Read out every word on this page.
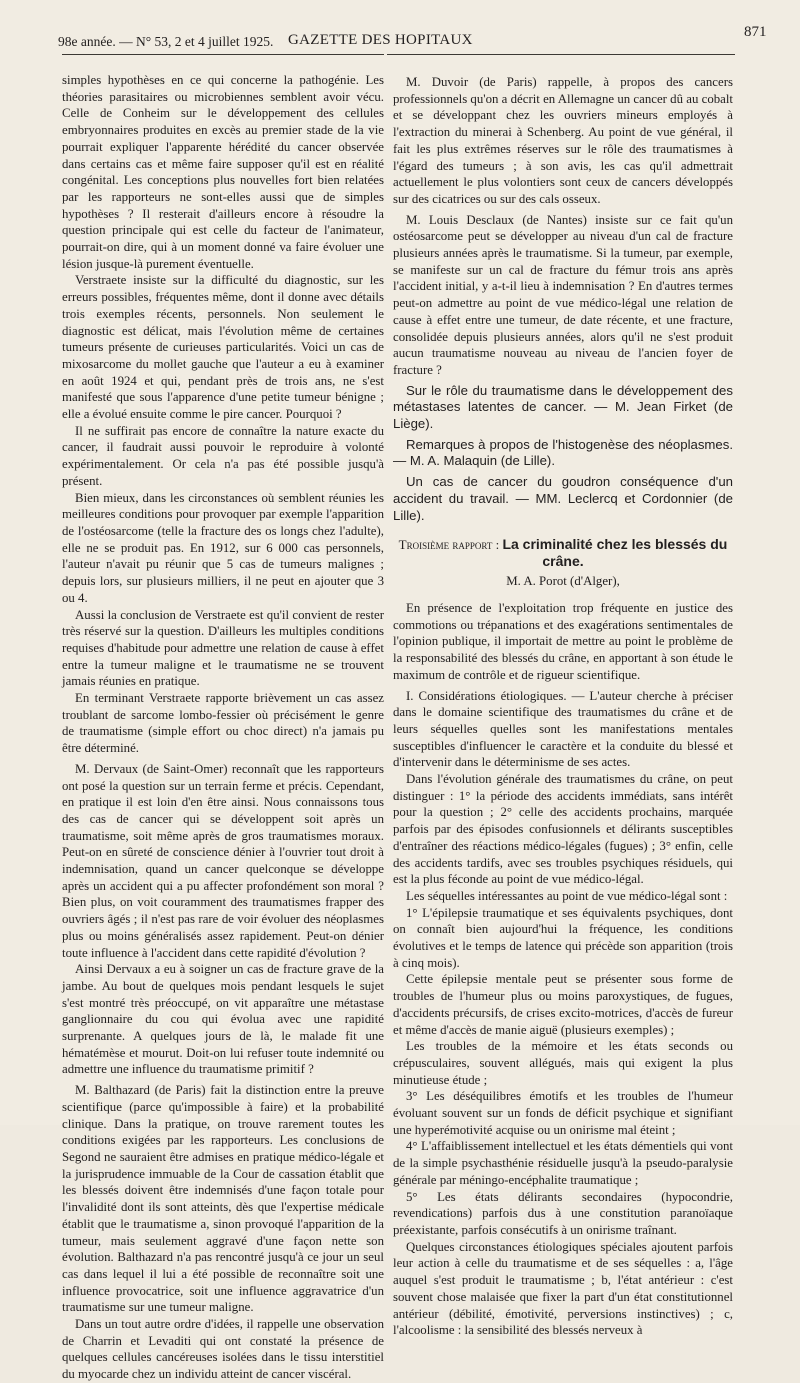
98e année. — N° 53, 2 et 4 juillet 1925. GAZETTE DES HOPITAUX	871

simples hypothèses en ce qui concerne la pathogénie. Les théories parasitaires ou microbiennes semblent avoir vécu. Celle de Conheim sur le développement des cellules embryonnaires produites en excès au premier stade de la vie pourrait expliquer l'apparente hérédité du cancer observée dans certains cas et même faire supposer qu'il est en réalité congénital. Les conceptions plus nouvelles fort bien relatées par les rapporteurs ne sont-elles aussi que de simples hypothèses ? Il resterait d'ailleurs encore à résoudre la question principale qui est celle du facteur de l'animateur, pourrait-on dire, qui à un moment donné va faire évoluer une lésion jusque-là purement éventuelle.

Verstraete insiste sur la difficulté du diagnostic, sur les erreurs possibles, fréquentes même, dont il donne avec détails trois exemples récents, personnels. Non seulement le diagnostic est délicat, mais l'évolution même de certaines tumeurs présente de curieuses particularités. Voici un cas de mixosarcome du mollet gauche que l'auteur a eu à examiner en août 1924 et qui, pendant près de trois ans, ne s'est manifesté que sous l'apparence d'une petite tumeur bénigne ; elle a évolué ensuite comme le pire cancer. Pourquoi ?

Il ne suffirait pas encore de connaître la nature exacte du cancer, il faudrait aussi pouvoir le reproduire à volonté expérimentalement. Or cela n'a pas été possible jusqu'à présent.

Bien mieux, dans les circonstances où semblent réunies les meilleures conditions pour provoquer par exemple l'apparition de l'ostéosarcome (telle la fracture des os longs chez l'adulte), elle ne se produit pas. En 1912, sur 6 000 cas personnels, l'auteur n'avait pu réunir que 5 cas de tumeurs malignes ; depuis lors, sur plusieurs milliers, il ne peut en ajouter que 3 ou 4.

Aussi la conclusion de Verstraete est qu'il convient de rester très réservé sur la question. D'ailleurs les multiples conditions requises d'habitude pour admettre une relation de cause à effet entre la tumeur maligne et le traumatisme ne se trouvent jamais réunies en pratique.

En terminant Verstraete rapporte brièvement un cas assez troublant de sarcome lombo-fessier où précisément le genre de traumatisme (simple effort ou choc direct) n'a jamais pu être déterminé.

M. Dervaux (de Saint-Omer) reconnaît que les rapporteurs ont posé la question sur un terrain ferme et précis. Cependant, en pratique il est loin d'en être ainsi. Nous connaissons tous des cas de cancer qui se développent soit après un traumatisme, soit même après de gros traumatismes moraux. Peut-on en sûreté de conscience dénier à l'ouvrier tout droit à indemnisation, quand un cancer quelconque se développe après un accident qui a pu affecter profondément son moral ? Bien plus, on voit couramment des traumatismes frapper des ouvriers âgés ; il n'est pas rare de voir évoluer des néoplasmes plus ou moins généralisés assez rapidement. Peut-on dénier toute influence à l'accident dans cette rapidité d'évolution ?

Ainsi Dervaux a eu à soigner un cas de fracture grave de la jambe. Au bout de quelques mois pendant lesquels le sujet s'est montré très préoccupé, on vit apparaître une métastase ganglionnaire du cou qui évolua avec une rapidité surprenante. A quelques jours de là, le malade fit une hématémèse et mourut. Doit-on lui refuser toute indemnité ou admettre une influence du traumatisme primitif ?

M. Balthazard (de Paris) fait la distinction entre la preuve scientifique (parce qu'impossible à faire) et la probabilité clinique. Dans la pratique, on trouve rarement toutes les conditions exigées par les rapporteurs. Les conclusions de Segond ne sauraient être admises en pratique médico-légale et la jurisprudence immuable de la Cour de cassation établit que les blessés doivent être indemnisés d'une façon totale pour l'invalidité dont ils sont atteints, dès que l'expertise médicale établit que le traumatisme a, sinon provoqué l'apparition de la tumeur, mais seulement aggravé d'une façon nette son évolution. Balthazard n'a pas rencontré jusqu'à ce jour un seul cas dans lequel il lui a été possible de reconnaître soit une influence provocatrice, soit une influence aggravatrice d'un traumatisme sur une tumeur maligne.

Dans un tout autre ordre d'idées, il rappelle une observation de Charrin et Levaditi qui ont constaté la présence de quelques cellules cancéreuses isolées dans le tissu interstitiel du myocarde chez un individu atteint de cancer viscéral.

M. Duvoir (de Paris) rappelle, à propos des cancers professionnels qu'on a décrit en Allemagne un cancer dû au cobalt et se développant chez les ouvriers mineurs employés à l'extraction du minerai à Schenberg. Au point de vue général, il fait les plus extrêmes réserves sur le rôle des traumatismes à l'égard des tumeurs ; à son avis, les cas qu'il admettrait actuellement le plus volontiers sont ceux de cancers développés sur des cicatrices ou sur des cals osseux.

M. Louis Desclaux (de Nantes) insiste sur ce fait qu'un ostéosarcome peut se développer au niveau d'un cal de fracture plusieurs années après le traumatisme. Si la tumeur, par exemple, se manifeste sur un cal de fracture du fémur trois ans après l'accident initial, y a-t-il lieu à indemnisation ? En d'autres termes peut-on admettre au point de vue médico-légal une relation de cause à effet entre une tumeur, de date récente, et une fracture, consolidée depuis plusieurs années, alors qu'il ne s'est produit aucun traumatisme nouveau au niveau de l'ancien foyer de fracture ?

Sur le rôle du traumatisme dans le développement des métastases latentes de cancer. — M. Jean Firket (de Liège).

Remarques à propos de l'histogenèse des néoplasmes. — M. A. Malaquin (de Lille).

Un cas de cancer du goudron conséquence d'un accident du travail. — MM. Leclercq et Cordonnier (de Lille).

Troisième rapport : La criminalité chez les blessés du crâne.
M. A. Porot (d'Alger),

En présence de l'exploitation trop fréquente en justice des commotions ou trépanations et des exagérations sentimentales de l'opinion publique, il importait de mettre au point le problème de la responsabilité des blessés du crâne, en apportant à son étude le maximum de contrôle et de rigueur scientifique.

I. Considérations étiologiques. — L'auteur cherche à préciser dans le domaine scientifique des traumatismes du crâne et de leurs séquelles quelles sont les manifestations mentales susceptibles d'influencer le caractère et la conduite du blessé et d'intervenir dans le déterminisme de ses actes.

Dans l'évolution générale des traumatismes du crâne, on peut distinguer : 1° la période des accidents immédiats, sans intérêt pour la question ; 2° celle des accidents prochains, marquée parfois par des épisodes confusionnels et délirants susceptibles d'entraîner des réactions médico-légales (fugues) ; 3° enfin, celle des accidents tardifs, avec ses troubles psychiques résiduels, qui est la plus féconde au point de vue médico-légal.

Les séquelles intéressantes au point de vue médico-légal sont :

1° L'épilepsie traumatique et ses équivalents psychiques, dont on connaît bien aujourd'hui la fréquence, les conditions évolutives et le temps de latence qui précède son apparition (trois à cinq mois).

Cette épilepsie mentale peut se présenter sous forme de troubles de l'humeur plus ou moins paroxystiques, de fugues, d'accidents précursifs, de crises excito-motrices, d'accès de fureur et même d'accès de manie aiguë (plusieurs exemples) ;

Les troubles de la mémoire et les états seconds ou crépusculaires, souvent allégués, mais qui exigent la plus minutieuse étude ;

3° Les déséquilibres émotifs et les troubles de l'humeur évoluant souvent sur un fonds de déficit psychique et signifiant une hyperémotivité acquise ou un onirisme mal éteint ;

4° L'affaiblissement intellectuel et les états démentiels qui vont de la simple psychasthénie résiduelle jusqu'à la pseudo-paralysie générale par méningo-encéphalite traumatique ;

5° Les états délirants secondaires (hypocondrie, revendications) parfois dus à une constitution paranoïaque préexistante, parfois consécutifs à un onirisme traînant.

Quelques circonstances étiologiques spéciales ajoutent parfois leur action à celle du traumatisme et de ses séquelles : a, l'âge auquel s'est produit le traumatisme ; b, l'état antérieur : c'est souvent chose malaisée que fixer la part d'un état constitutionnel antérieur (débilité, émotivité, perversions instinctives) ; c, l'alcoolisme : la sensibilité des blessés nerveux à
